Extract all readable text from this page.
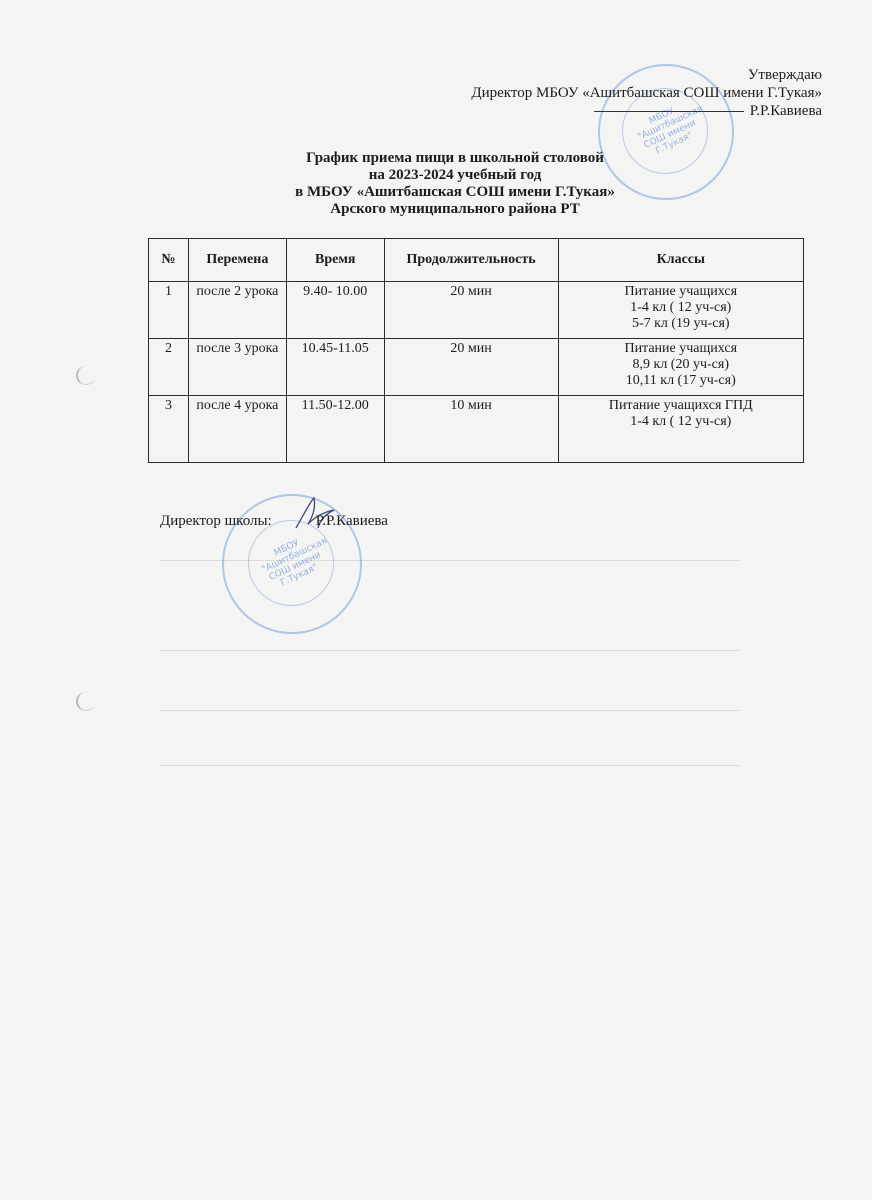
МБОУ "Ашитбашская СОШ имени Г.Тукая"
Утверждаю
Директор МБОУ «Ашитбашская СОШ имени Г.Тукая»
Р.Р.Кавиева
График приема пищи в школьной столовой
на 2023-2024 учебный год
в МБОУ «Ашитбашская СОШ имени Г.Тукая»
Арского муниципального района РТ
№	Перемена	Время	Продолжительность	Классы
1	после 2 урока	9.40- 10.00	20 мин	Питание учащихся
1-4 кл ( 12 уч-ся)
5-7 кл (19 уч-ся)

2	после 3 урока	10.45-11.05	20 мин	Питание учащихся
8,9 кл (20 уч-ся)
10,11 кл (17 уч-ся)

3	после 4 урока	11.50-12.00	10 мин	Питание учащихся ГПД
1-4 кл ( 12 уч-ся)
МБОУ "Ашитбашская СОШ имени Г.Тукая"
Директор школы:	Р.Р.Кавиева
